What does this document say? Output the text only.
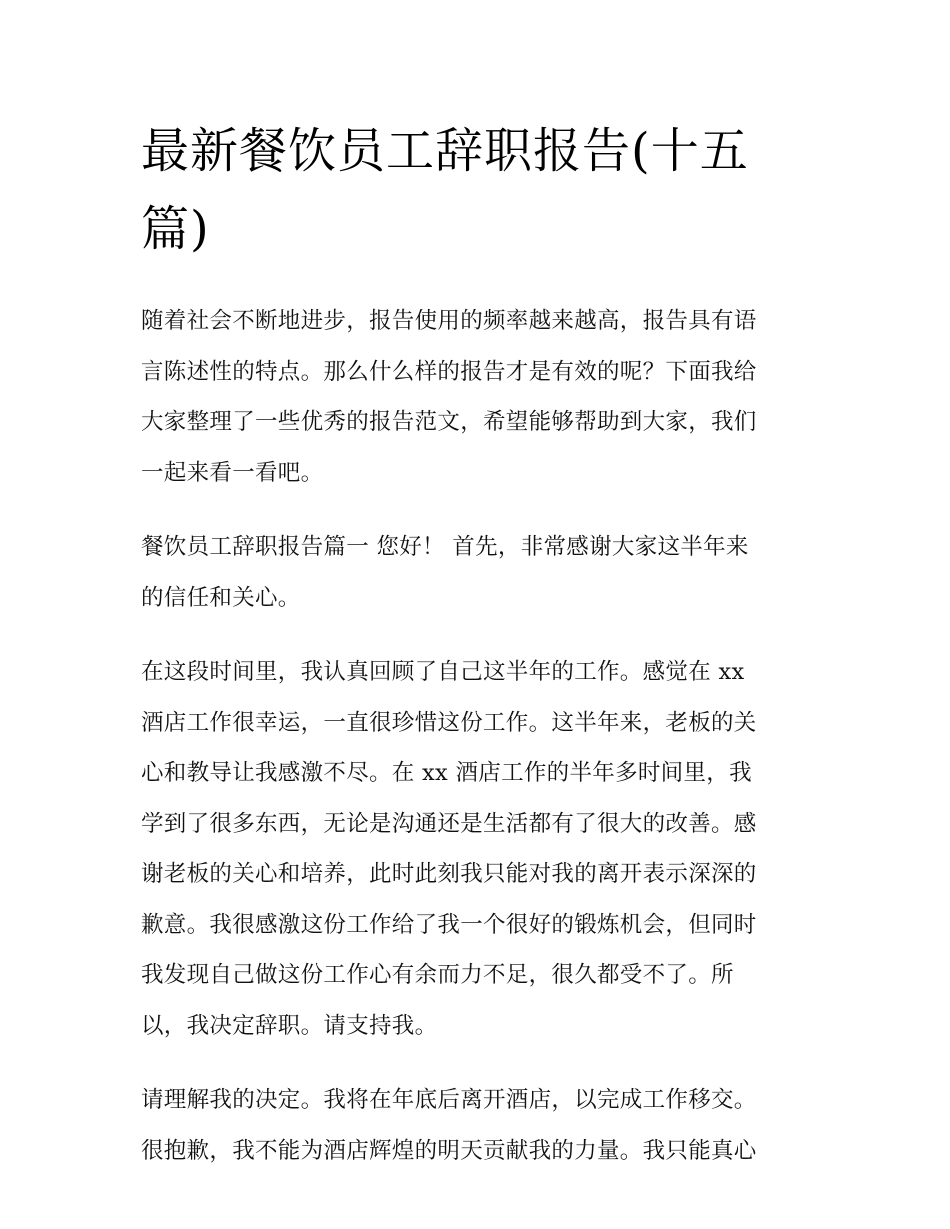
最新餐饮员工辞职报告(十五
篇)

随着社会不断地进步，报告使用的频率越来越高，报告具有语
言陈述性的特点。那么什么样的报告才是有效的呢？下面我给
大家整理了一些优秀的报告范文，希望能够帮助到大家，我们
一起来看一看吧。

餐饮员工辞职报告篇一 您好！ 首先，非常感谢大家这半年来
的信任和关心。

在这段时间里，我认真回顾了自己这半年的工作。感觉在 xx
酒店工作很幸运，一直很珍惜这份工作。这半年来，老板的关
心和教导让我感激不尽。在 xx 酒店工作的半年多时间里，我
学到了很多东西，无论是沟通还是生活都有了很大的改善。感
谢老板的关心和培养，此时此刻我只能对我的离开表示深深的
歉意。我很感激这份工作给了我一个很好的锻炼机会，但同时
我发现自己做这份工作心有余而力不足，很久都受不了。所
以，我决定辞职。请支持我。

请理解我的决定。我将在年底后离开酒店，以完成工作移交。
很抱歉，我不能为酒店辉煌的明天贡献我的力量。我只能真心
